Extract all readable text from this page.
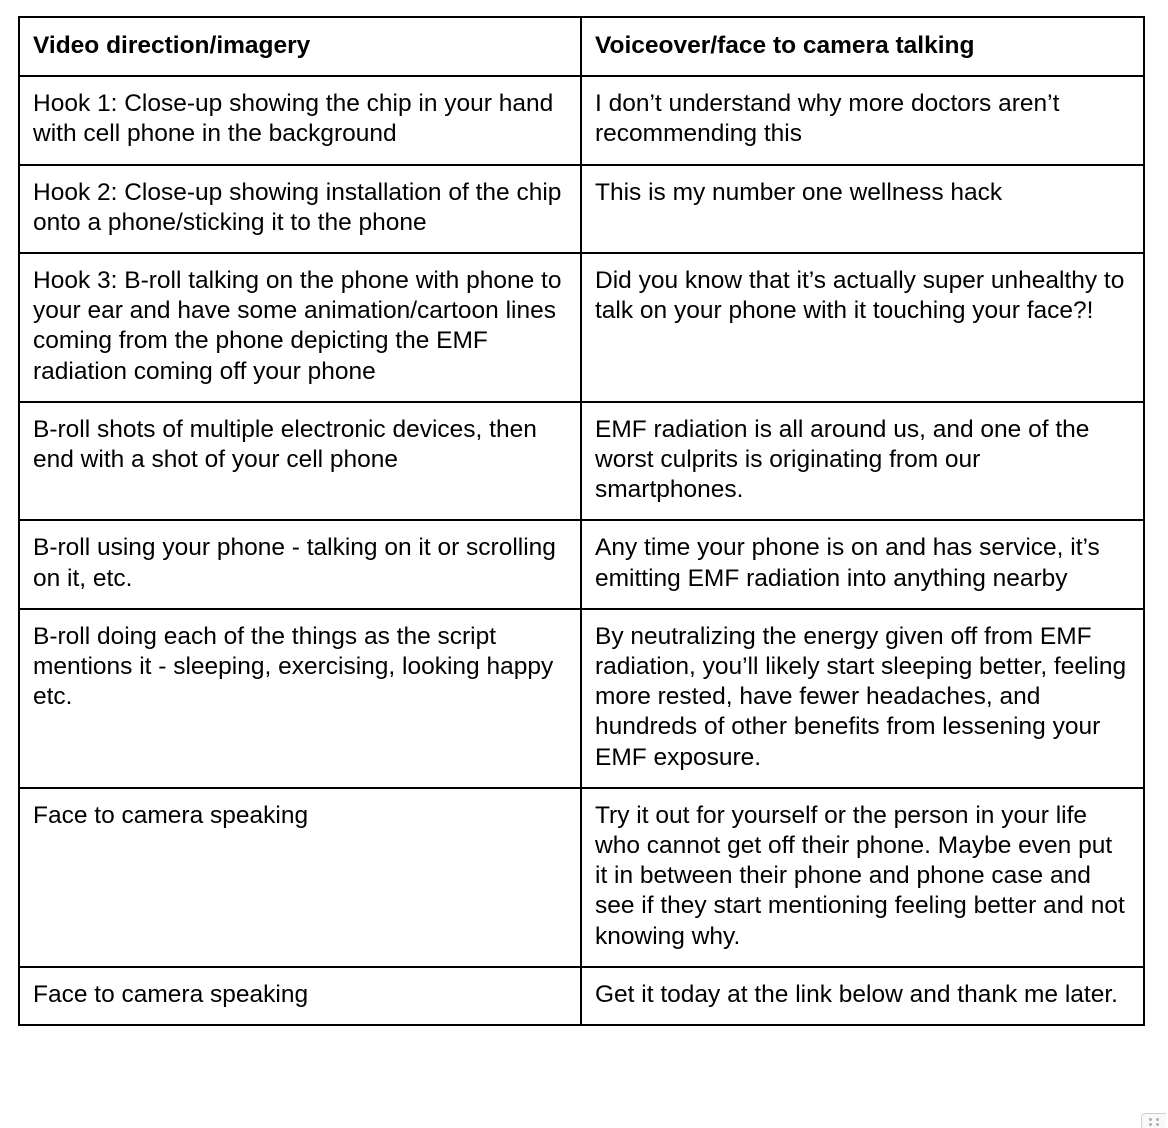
Video direction/imagery	Voiceover/face to camera talking

Hook 1: Close-up showing the chip in your hand with cell phone in the background	I don’t understand why more doctors aren’t recommending this

Hook 2: Close-up showing installation of the chip onto a phone/sticking it to the phone	This is my number one wellness hack

Hook 3: B-roll talking on the phone with phone to your ear and have some animation/cartoon lines coming from the phone depicting the EMF radiation coming off your phone	Did you know that it’s actually super unhealthy to talk on your phone with it touching your face?!

B-roll shots of multiple electronic devices, then end with a shot of your cell phone	EMF radiation is all around us, and one of the worst culprits is originating from our smartphones.

B-roll using your phone - talking on it or scrolling on it, etc.	Any time your phone is on and has service, it’s emitting EMF radiation into anything nearby

B-roll doing each of the things as the script mentions it - sleeping, exercising, looking happy etc.	By neutralizing the energy given off from EMF radiation, you’ll likely start sleeping better, feeling more rested, have fewer headaches, and hundreds of other benefits from lessening your EMF exposure.

Face to camera speaking	Try it out for yourself or the person in your life who cannot get off their phone. Maybe even put it in between their phone and phone case and see if they start mentioning feeling better and not knowing why.

Face to camera speaking	Get it today at the link below and thank me later.
